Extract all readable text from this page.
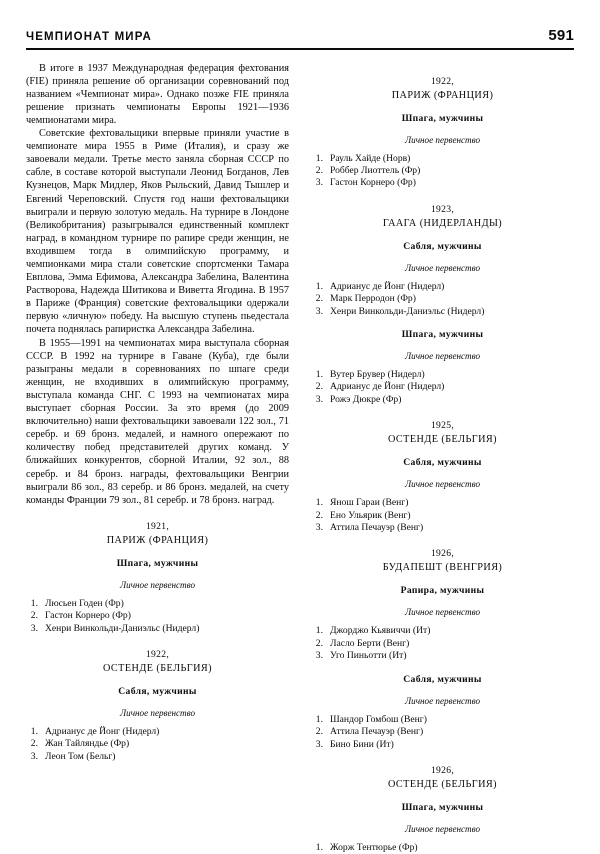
ЧЕМПИОНАТ МИРА	591

В итоге в 1937 Международная федерация фехтования (FIE) приняла решение об организации соревнований под названием «Чемпионат мира». Однако позже FIE приняла решение признать чемпионаты Европы 1921—1936 чемпионатами мира.

Советские фехтовальщики впервые приняли участие в чемпионате мира 1955 в Риме (Италия), и сразу же завоевали медали. Третье место заняла сборная СССР по сабле, в составе которой выступали Леонид Богданов, Лев Кузнецов, Марк Мидлер, Яков Рыльский, Давид Тышлер и Евгений Череповский. Спустя год наши фехтовальщики выиграли и первую золотую медаль. На турнире в Лондоне (Великобритания) разыгрывался единственный комплект наград, в командном турнире по рапире среди женщин, не входившем тогда в олимпийскую программу, и чемпионками мира стали советские спортсменки Тамара Евплова, Эмма Ефимова, Александра Забелина, Валентина Растворова, Надежда Шитикова и Виветта Ягодина. В 1957 в Париже (Франция) советские фехтовальщики одержали первую «личную» победу. На высшую ступень пьедестала почета поднялась рапиристка Александра Забелина.

В 1955—1991 на чемпионатах мира выступала сборная СССР. В 1992 на турнире в Гаване (Куба), где были разыграны медали в соревнованиях по шпаге среди женщин, не входивших в олимпийскую программу, выступала команда СНГ. С 1993 на чемпионатах мира выступает сборная России. За это время (до 2009 включительно) наши фехтовальщики завоевали 122 зол., 71 серебр. и 69 бронз. медалей, и намного опережают по количеству побед представителей других команд. У ближайших конкурентов, сборной Италии, 92 зол., 88 серебр. и 84 бронз. награды, фехтовальщики Венгрии выиграли 86 зол., 83 серебр. и 86 бронз. медалей, на счету команды Франции 79 зол., 81 серебр. и 78 бронз. наград.

1921,
ПАРИЖ (ФРАНЦИЯ)
Шпага, мужчины
Личное первенство
1. Люсьен Годен (Фр)
2. Гастон Корнеро (Фр)
3. Хенри Винкольди-Даниэльс (Нидерл)
1922,
ОСТЕНДЕ (БЕЛЬГИЯ)
Сабля, мужчины
Личное первенство
1. Адрианус де Йонг (Нидерл)
2. Жан Тайляндье (Фр)
3. Леон Том (Бельг)
1922,
ПАРИЖ (ФРАНЦИЯ)
Шпага, мужчины
Личное первенство
1. Рауль Хайде (Норв)
2. Роббер Лиоттель (Фр)
3. Гастон Корнеро (Фр)
1923,
ГААГА (НИДЕРЛАНДЫ)
Сабля, мужчины
Личное первенство
1. Адрианус де Йонг (Нидерл)
2. Марк Перродон (Фр)
3. Хенри Винкольди-Даниэльс (Нидерл)
Шпага, мужчины
Личное первенство
1. Вутер Брувер (Нидерл)
2. Адрианус де Йонг (Нидерл)
3. Рожэ Дюкре (Фр)
1925,
ОСТЕНДЕ (БЕЛЬГИЯ)
Сабля, мужчины
Личное первенство
1. Янош Гараи (Венг)
2. Ено Ульярик (Венг)
3. Аттила Печауэр (Венг)
1926,
БУДАПЕШТ (ВЕНГРИЯ)
Рапира, мужчины
Личное первенство
1. Джорджо Кьявиччи (Ит)
2. Ласло Берти (Венг)
3. Уго Пиньотти (Ит)
Сабля, мужчины
Личное первенство
1. Шандор Гомбош (Венг)
2. Аттила Печауэр (Венг)
3. Бино Бини (Ит)
1926,
ОСТЕНДЕ (БЕЛЬГИЯ)
Шпага, мужчины
Личное первенство
1. Жорж Тентюрье (Фр)
